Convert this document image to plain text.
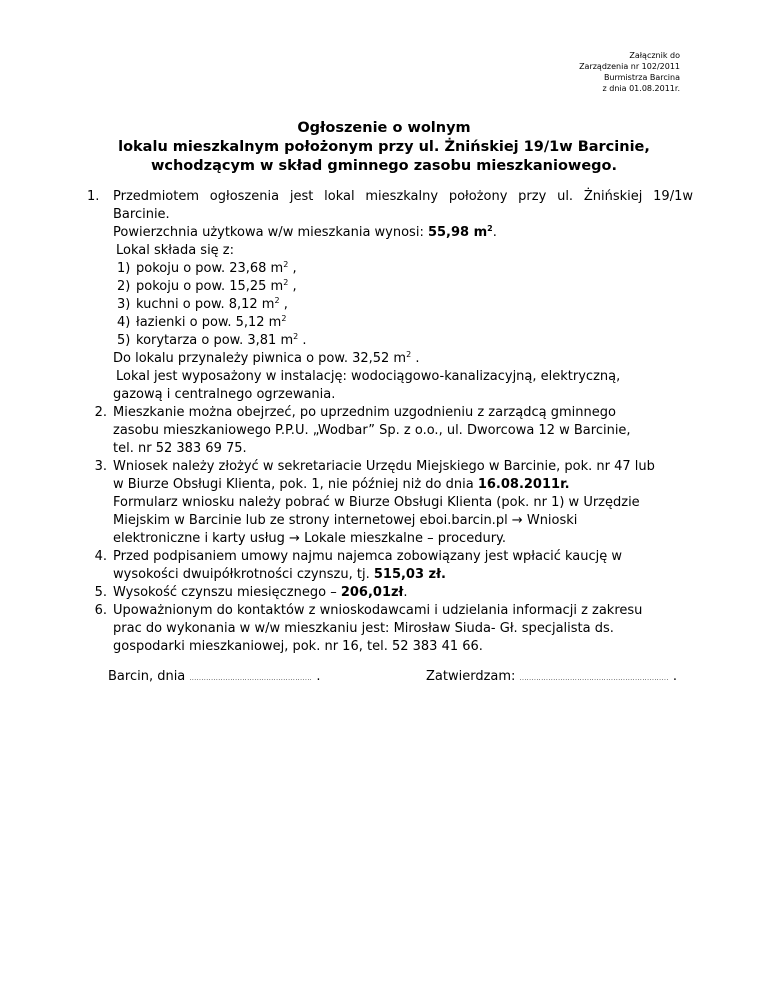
Załącznik do
Zarządzenia nr 102/2011
Burmistrza Barcina
z dnia 01.08.2011r.
Ogłoszenie o wolnym
lokalu mieszkalnym położonym przy ul. Żnińskiej 19/1w Barcinie,
wchodzącym w skład gminnego zasobu mieszkaniowego.
1.	Przedmiotem ogłoszenia jest lokal mieszkalny położony przy ul. Żnińskiej 19/1w
Barcinie.
Powierzchnia użytkowa w/w mieszkania wynosi: 55,98 $m^2$.
Lokal składa się z:
1) pokoju o pow. 23,68 $m^2$ ,
2) pokoju o pow. 15,25 $m^2$ ,
3) kuchni o pow. 8,12 $m^2$ ,
4) łazienki o pow. 5,12 $m^2$
5) korytarza o pow. 3,81 $m^2$ .
Do lokalu przynależy piwnica o pow. 32,52 $m^2$ .
Lokal jest wyposażony w instalację: wodociągowo-kanalizacyjną, elektryczną,
gazową i centralnego ogrzewania.
2. Mieszkanie można obejrzeć, po uprzednim uzgodnieniu z zarządcą gminnego
zasobu mieszkaniowego P.P.U. „Wodbar” Sp. z o.o., ul. Dworcowa 12 w Barcinie,
tel. nr 52 383 69 75.
3. Wniosek należy złożyć w sekretariacie Urzędu Miejskiego w Barcinie, pok. nr 47 lub
w Biurze Obsługi Klienta, pok. 1, nie później niż do dnia 16.08.2011r.
Formularz wniosku należy pobrać w Biurze Obsługi Klienta (pok. nr 1) w Urzędzie
Miejskim w Barcinie lub ze strony internetowej eboi.barcin.pl → Wnioski
elektroniczne i karty usług → Lokale mieszkalne – procedury.
4. Przed podpisaniem umowy najmu najemca zobowiązany jest wpłacić kaucję w
wysokości dwuipółkrotności czynszu, tj. 515,03 zł.
5. Wysokość czynszu miesięcznego – 206,01zł.
6. Upoważnionym do kontaktów z wnioskodawcami i udzielania informacji z zakresu
prac do wykonania w w/w mieszkaniu jest: Mirosław Siuda- Gł. specjalista ds.
gospodarki mieszkaniowej, pok. nr 16, tel. 52 383 41 66.
Barcin, dnia ................................................... .	Zatwierdzam: .............................................................. .
